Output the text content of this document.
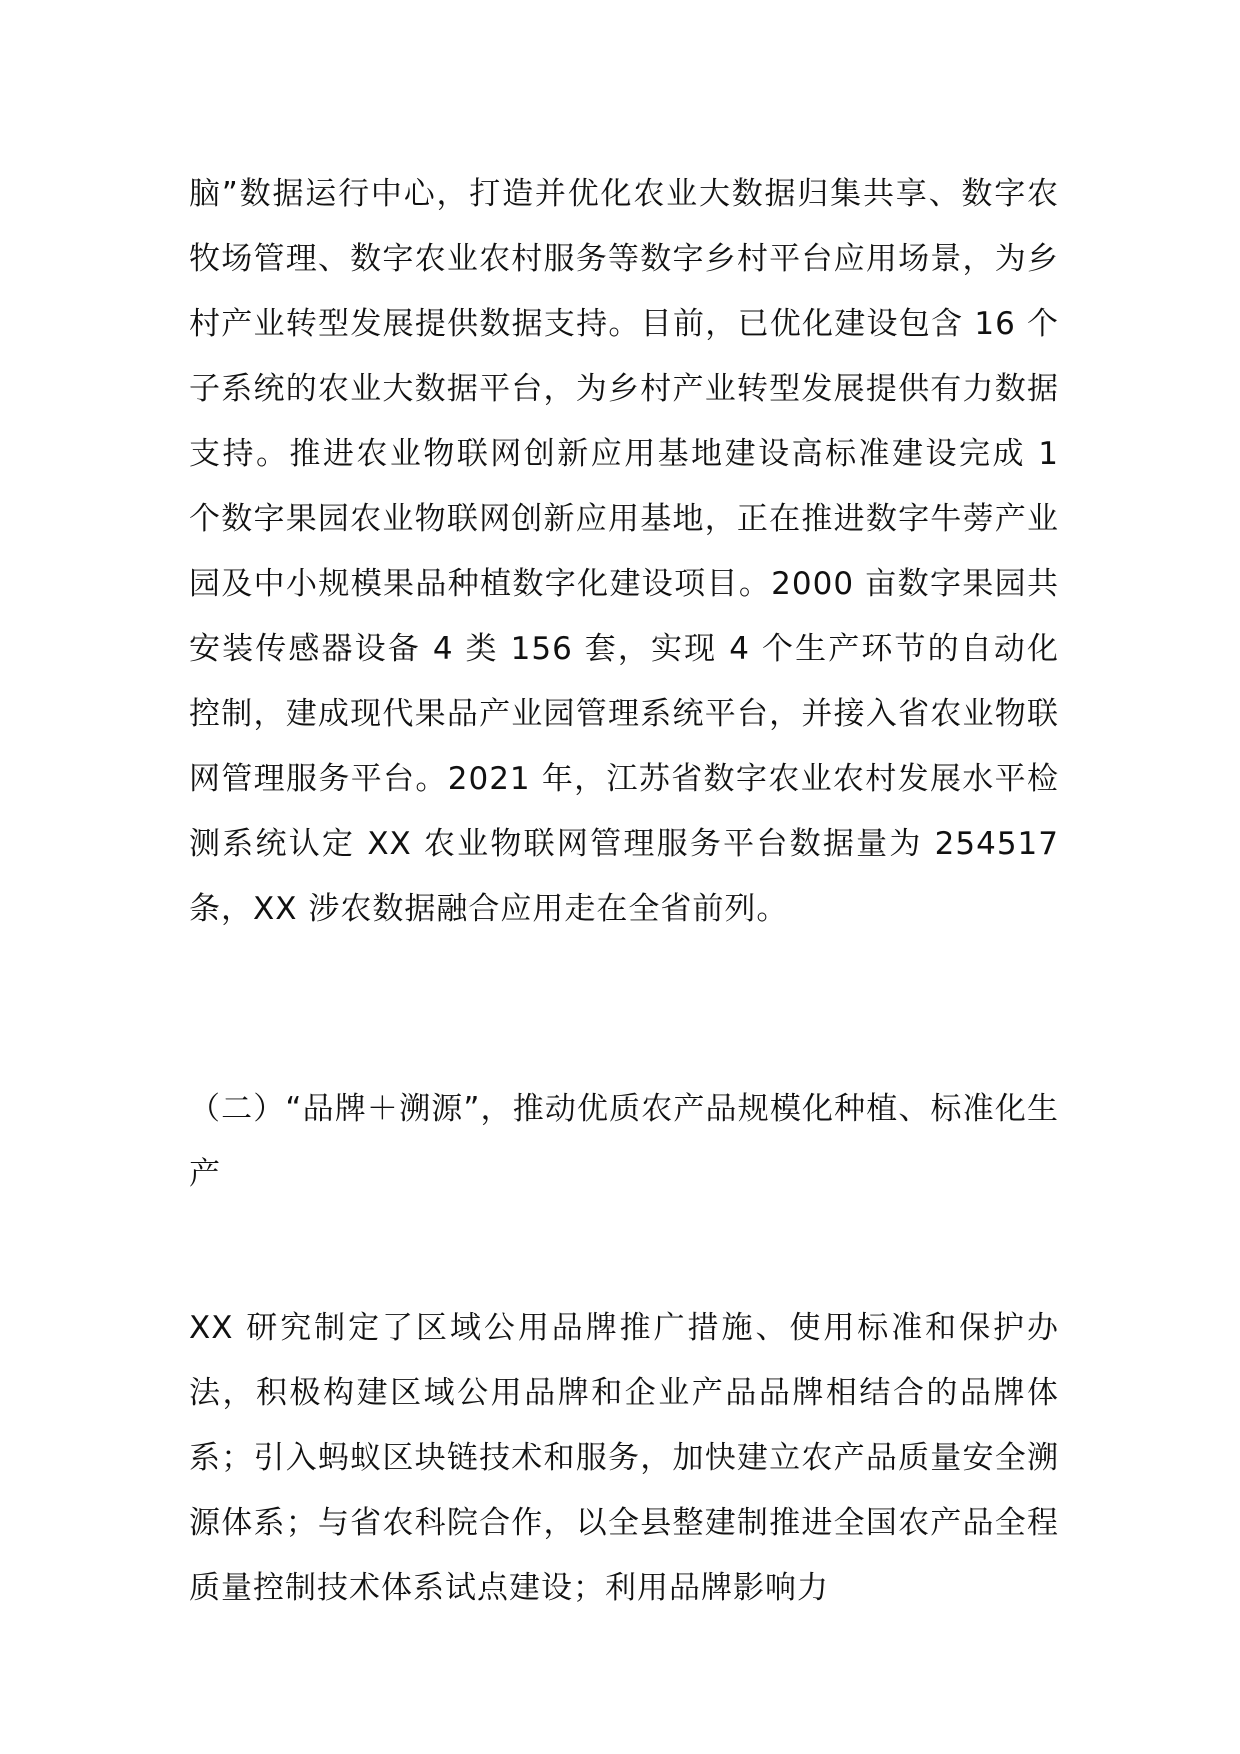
脑”数据运行中心，打造并优化农业大数据归集共享、数字农牧场管理、数字农业农村服务等数字乡村平台应用场景，为乡村产业转型发展提供数据支持。目前，已优化建设包含 16 个子系统的农业大数据平台，为乡村产业转型发展提供有力数据支持。推进农业物联网创新应用基地建设高标准建设完成 1 个数字果园农业物联网创新应用基地，正在推进数字牛蒡产业园及中小规模果品种植数字化建设项目。2000 亩数字果园共安装传感器设备 4 类 156 套，实现 4 个生产环节的自动化控制，建成现代果品产业园管理系统平台，并接入省农业物联网管理服务平台。2021 年，江苏省数字农业农村发展水平检测系统认定 XX 农业物联网管理服务平台数据量为 254517 条，XX 涉农数据融合应用走在全省前列。

（二）“品牌＋溯源”，推动优质农产品规模化种植、标准化生产

XX 研究制定了区域公用品牌推广措施、使用标准和保护办法，积极构建区域公用品牌和企业产品品牌相结合的品牌体系；引入蚂蚁区块链技术和服务，加快建立农产品质量安全溯源体系；与省农科院合作，以全县整建制推进全国农产品全程质量控制技术体系试点建设；利用品牌影响力
